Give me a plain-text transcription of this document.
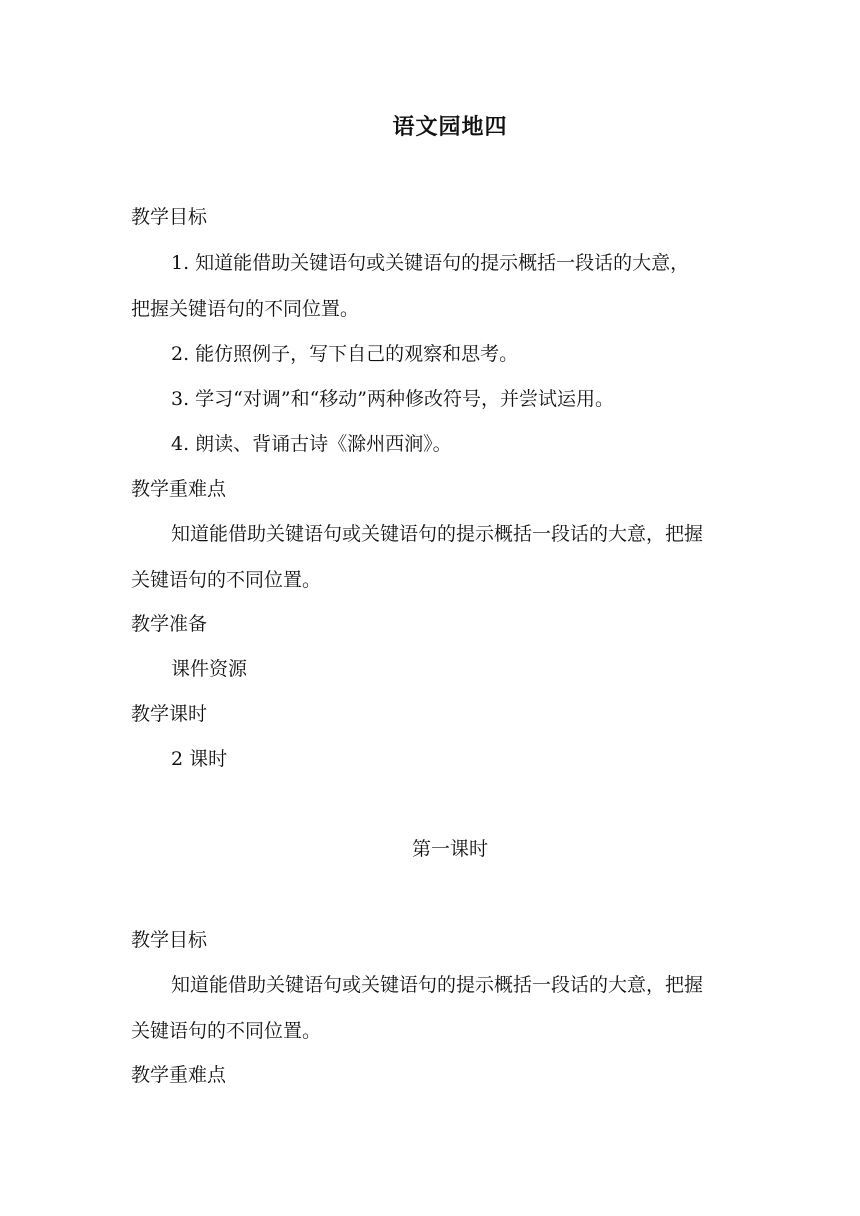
语文园地四
教学目标
1. 知道能借助关键语句或关键语句的提示概括一段话的大意，
把握关键语句的不同位置。
2. 能仿照例子，写下自己的观察和思考。
3. 学习“对调”和“移动”两种修改符号，并尝试运用。
4. 朗读、背诵古诗《滁州西涧》。
教学重难点
知道能借助关键语句或关键语句的提示概括一段话的大意，把握
关键语句的不同位置。
教学准备
课件资源
教学课时
2 课时
第一课时
教学目标
知道能借助关键语句或关键语句的提示概括一段话的大意，把握
关键语句的不同位置。
教学重难点
